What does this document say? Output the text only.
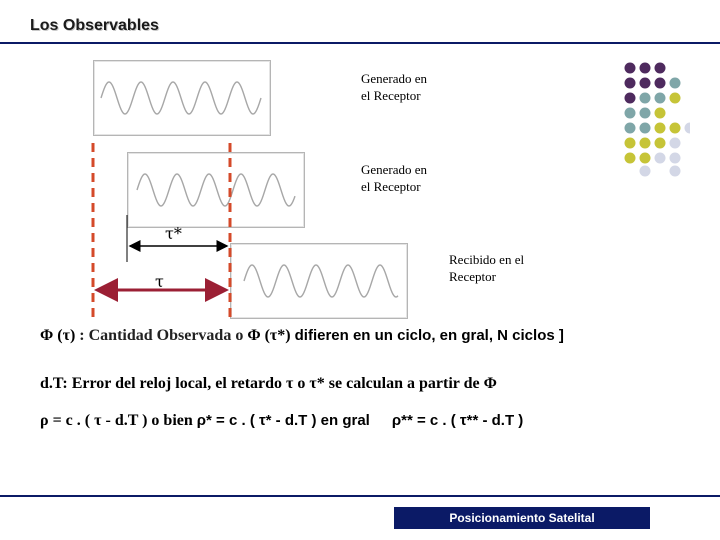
Los Observables
Generado en
el Receptor
Generado en
el Receptor
Recibido en el
Receptor
τ*
τ
Φ (τ) : Cantidad Observada o Φ (τ*) difieren en un ciclo, en gral, N ciclos ]
d.T: Error del reloj local, el retardo τ o τ* se calculan a partir de Φ
ρ = c . ( τ - d.T ) o bien ρ* = c . ( τ* - d.T ) en gral ρ** = c . ( τ** - d.T )
Posicionamiento Satelital
